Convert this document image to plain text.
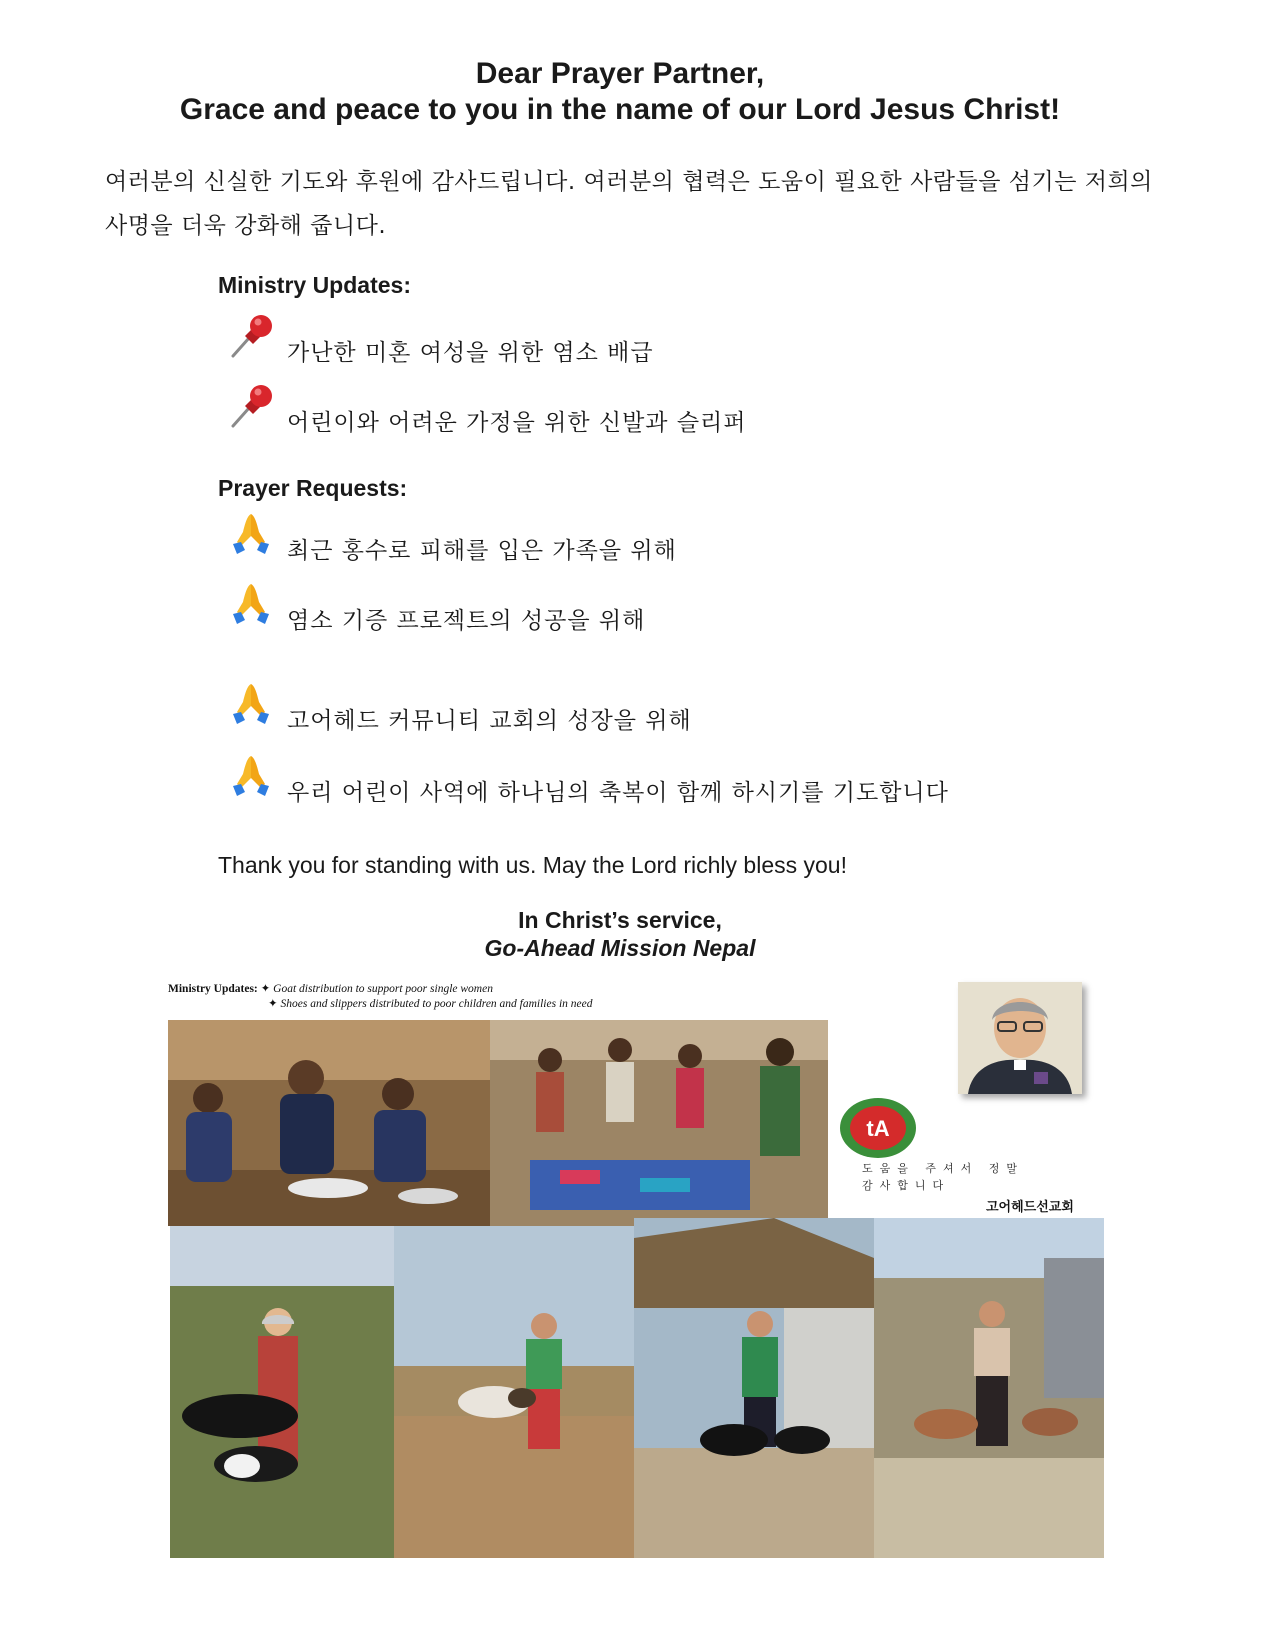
Dear Prayer Partner,
Grace and peace to you in the name of our Lord Jesus Christ!
여러분의 신실한 기도와 후원에 감사드립니다. 여러분의 협력은 도움이 필요한 사람들을 섬기는 저희의 사명을 더욱 강화해 줍니다.
Ministry Updates:
가난한 미혼 여성을 위한 염소 배급
어린이와 어려운 가정을 위한 신발과 슬리퍼
Prayer Requests:
최근 홍수로 피해를 입은 가족을 위해
염소 기증 프로젝트의 성공을 위해
고어헤드 커뮤니티 교회의 성장을 위해
우리 어린이 사역에 하나님의 축복이 함께 하시기를 기도합니다
Thank you for standing with us. May the Lord richly bless you!
In Christ’s service,
Go-Ahead Mission Nepal
Ministry Updates: ✦ Goat distribution to support poor single women
✦ Shoes and slippers distributed to poor children and families in need
tA
도움을 주셔서 정말
감사합니다
고어헤드선교회
